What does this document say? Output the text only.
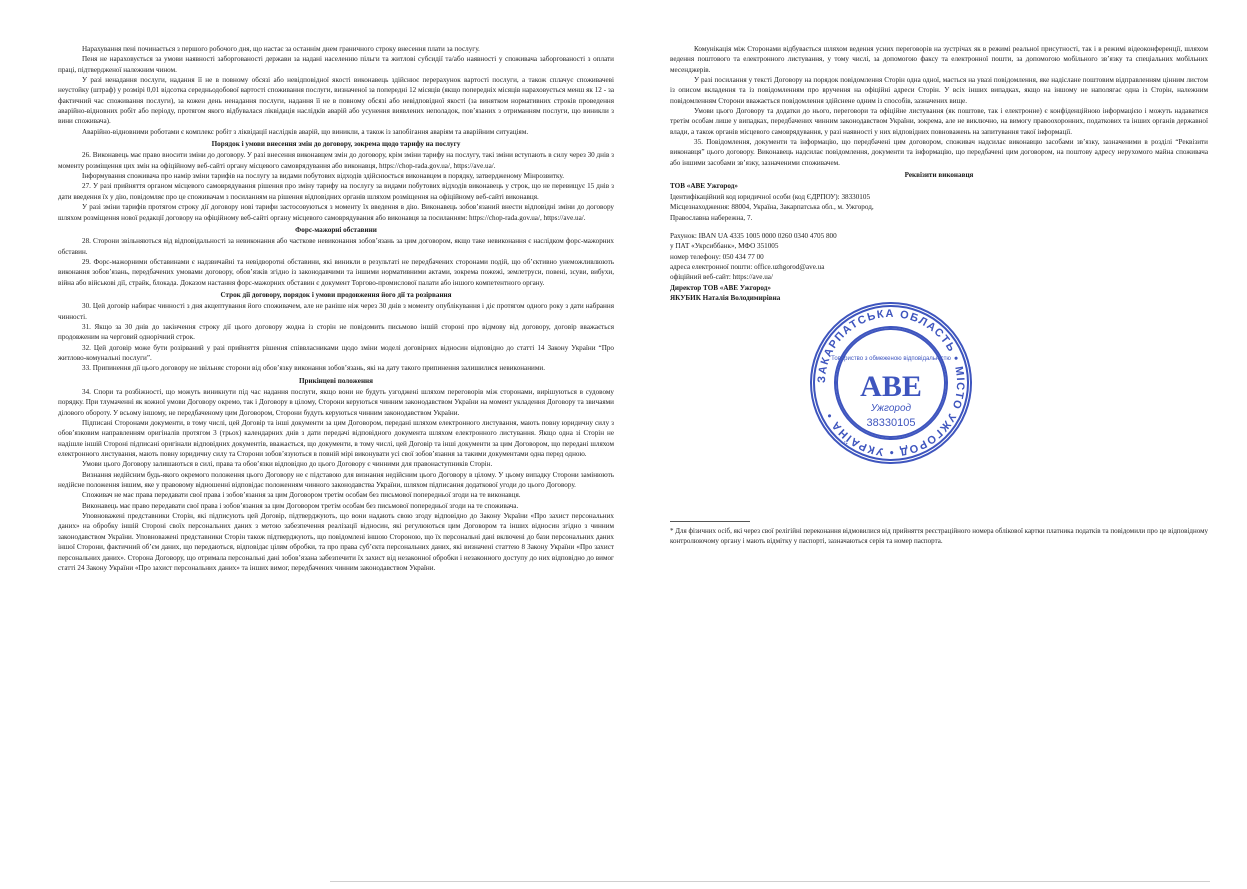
Нарахування пені починається з першого робочого дня, що настає за останнім днем граничного строку внесення плати за послугу.

Пеня не нараховується за умови наявності заборгованості держави за надані населенню пільги та житлові субсидії та/або наявності у споживача заборгованості з оплати праці, підтвердженої належним чином.

У разі ненадання послуги, надання її не в повному обсязі або невідповідної якості виконавець здійснює перерахунок вартості послуги, а також сплачує споживачеві неустойку (штраф) у розмірі 0,01 відсотка середньодобової вартості споживання послуги, визначеної за попередні 12 місяців (якщо попередніх місяців нараховується менш як 12 - за фактичний час споживання послуги), за кожен день ненадання послуги, надання її не в повному обсязі або невідповідної якості (за винятком нормативних строків проведення аварійно-відновних робіт або періоду, протягом якого відбувалася ліквідація наслідків аварій або усунення виявлених неполадок, пов’язаних з отриманням послуги, що виникли з вини споживача).

Аварійно-відновними роботами є комплекс робіт з ліквідації наслідків аварій, що виникли, а також із запобігання аваріям та аварійним ситуаціям.

Порядок і умови внесення змін до договору, зокрема щодо тарифу на послугу

26. Виконавець має право вносити зміни до договору. У разі внесення виконавцем змін до договору, крім зміни тарифу на послугу, такі зміни вступають в силу через 30 днів з моменту розміщення цих змін на офіційному веб-сайті органу місцевого самоврядування або виконавця, https://chop-rada.gov.ua/, https://ave.ua/.

Інформування споживача про намір зміни тарифів на послугу за видами побутових відходів здійснюється виконавцем в порядку, затвердженому Мінрозвитку.

27. У разі прийняття органом місцевого самоврядування рішення про зміну тарифу на послугу за видами побутових відходів виконавець у строк, що не перевищує 15 днів з дати введення їх у дію, повідомляє про це споживачам з посиланням на рішення відповідних органів шляхом розміщення на офіційному веб-сайті виконавця.

У разі зміни тарифів протягом строку дії договору нові тарифи застосовуються з моменту їх введення в дію. Виконавець зобов’язаний внести відповідні зміни до договору шляхом розміщення нової редакції договору на офіційному веб-сайті органу місцевого самоврядування або виконавця за посиланням: https://chop-rada.gov.ua/, https://ave.ua/.

Форс-мажорні обставини

28. Сторони звільняються від відповідальності за невиконання або часткове невиконання зобов’язань за цим договором, якщо таке невиконання є наслідком форс-мажорних обставин.

29. Форс-мажорними обставинами є надзвичайні та невідворотні обставини, які виникли в результаті не передбачених сторонами подій, що об’єктивно унеможливлюють виконання зобов’язань, передбачених умовами договору, обов’язків згідно із законодавчими та іншими нормативними актами, зокрема пожежі, землетруси, повені, зсуви, вибухи, війна або військові дії, страйк, блокада. Доказом настання форс-мажорних обставин є документ Торгово-промислової палати або іншого компетентного органу.

Строк дії договору, порядок і умови продовження його дії та розірвання

30. Цей договір набирає чинності з дня акцептування його споживачем, але не раніше ніж через 30 днів з моменту опублікування і діє протягом одного року з дати набрання чинності.

31. Якщо за 30 днів до закінчення строку дії цього договору жодна із сторін не повідомить письмово іншій стороні про відмову від договору, договір вважається продовженим на черговий однорічний строк.

32. Цей договір може бути розірваний у разі прийняття рішення співвласниками щодо зміни моделі договірних відносин відповідно до статті 14 Закону України “Про житлово-комунальні послуги”.

33. Припинення дії цього договору не звільняє сторони від обов’язку виконання зобов’язань, які на дату такого припинення залишилися невиконаними.

Прикінцеві положення

34. Спори та розбіжності, що можуть виникнути під час надання послуги, якщо вони не будуть узгоджені шляхом переговорів між сторонами, вирішуються в судовому порядку. При тлумаченні як кожної умови Договору окремо, так і Договору в цілому, Сторони керуються чинним законодавством України на момент укладення Договору та звичаями ділового обороту. У всьому іншому, не передбаченому цим Договором, Сторони будуть керуються чинним законодавством України.

Підписані Сторонами документи, в тому числі, цей Договір та інші документи за цим Договором, передані шляхом електронного листування, мають повну юридичну силу з обов’язковим направленням оригіналів протягом 3 (трьох) календарних днів з дати передачі відповідного документа шляхом електронного листування. Якщо одна зі Сторін не надішле іншій Стороні підписані оригінали відповідних документів, вважається, що документи, в тому числі, цей Договір та інші документи за цим Договором, що передані шляхом електронного листування, мають повну юридичну силу та Сторони зобов’язуються в повній мірі виконувати усі свої зобов’язання за такими документами одна перед одною.

Умови цього Договору залишаються в силі, права та обов’язки відповідно до цього Договору є чинними для правонаступників Сторін.

Визнання недійсним будь-якого окремого положення цього Договору не є підставою для визнання недійсним цього Договору в цілому. У цьому випадку Сторони замінюють недійсне положення іншим, яке у правовому відношенні відповідає положенням чинного законодавства України, шляхом підписання додаткової угоди до цього Договору.

Споживач не має права передавати свої права і зобов’язання за цим Договором третім особам без письмової попередньої згоди на те виконавця.

Виконавець має право передавати свої права і зобов’язання за цим Договором третім особам без письмової попередньої згоди на те споживача.

Уповноважені представники Сторін, які підписують цей Договір, підтверджують, що вони надають свою згоду відповідно до Закону України «Про захист персональних даних» на обробку іншій Стороні своїх персональних даних з метою забезпечення реалізації відносин, які регулюються цим Договором та інших відносин згідно з чинним законодавством України. Уповноважені представники Сторін також підтверджують, що повідомлені іншою Стороною, що їх персональні дані включені до бази персональних даних іншої Сторони, фактичний об’єм даних, що передаються, відповідає цілям обробки, та про права суб’єкта персональних даних, які визначені статтею 8 Закону України «Про захист персональних даних». Сторона Договору, що отримала персональні дані зобов’язана забезпечити їх захист від незаконної обробки і незаконного доступу до них відповідно до вимог статті 24 Закону України «Про захист персональних даних» та інших вимог, передбачених чинним законодавством України.

Комунікація між Сторонами відбувається шляхом ведення усних переговорів на зустрічах як в режимі реальної присутності, так і в режимі відеоконференції, шляхом ведення поштового та електронного листування, у тому числі, за допомогою факсу та електронної пошти, за допомогою мобільного зв’язку та спеціальних мобільних месенджерів.

У разі посилання у тексті Договору на порядок повідомлення Сторін одна одної, мається на увазі повідомлення, яке надіслане поштовим відправленням цінним листом із описом вкладення та із повідомленням про вручення на офіційні адреси Сторін. У всіх інших випадках, якщо на іншому не наполягає одна із Сторін, належним повідомленням Сторони вважається повідомлення здійснене одним із способів, зазначених вище.

Умови цього Договору та додатки до нього, переговори та офіційне листування (як поштове, так і електронне) є конфіденційною інформацією і можуть надаватися третім особам лише у випадках, передбачених чинним законодавством України, зокрема, але не виключно, на вимогу правоохоронних, податкових та інших органів державної влади, а також органів місцевого самоврядування, у разі наявності у них відповідних повноважень на запитування такої інформації.

35. Повідомлення, документи та інформацію, що передбачені цим договором, споживач надсилає виконавцю засобами зв’язку, зазначеними в розділі “Реквізити виконавця” цього договору. Виконавець надсилає повідомлення, документи та інформацію, що передбачені цим договором, на поштову адресу нерухомого майна споживача або іншими засобами зв’язку, зазначеними споживачем.

Реквізити виконавця

ТОВ «АВЕ Ужгород»

Ідентифікаційний код юридичної особи (код ЄДРПОУ): 38330105

Місцезнаходження: 88004, Україна, Закарпатська обл., м. Ужгород,

Православна набережна, 7.

Рахунок: IBAN UA 4335 1005 0000 0260 0340 4705 800

у ПАТ «Укрсиббанк», МФО 351005

номер телефону: 050 434 77 00

адреса електронної пошти: office.uzhgorod@ave.ua

офіційний веб-сайт: https://ave.ua/

Директор ТОВ «АВЕ Ужгород»

ЯКУБИК Наталія Володимирівна

* Для фізичних осіб, які через свої релігійні переконання відмовилися від прийняття реєстраційного номера облікової картки платника податків та повідомили про це відповідному контролюючому органу і мають відмітку у паспорті, зазначаються серія та номер паспорта.

ЗАКАРПАТСЬКА ОБЛАСТЬ • МІСТО УЖГОРОД • УКРАЇНА •
Товариство з обмеженою відповідальністю
АВЕ
Ужгород
38330105
